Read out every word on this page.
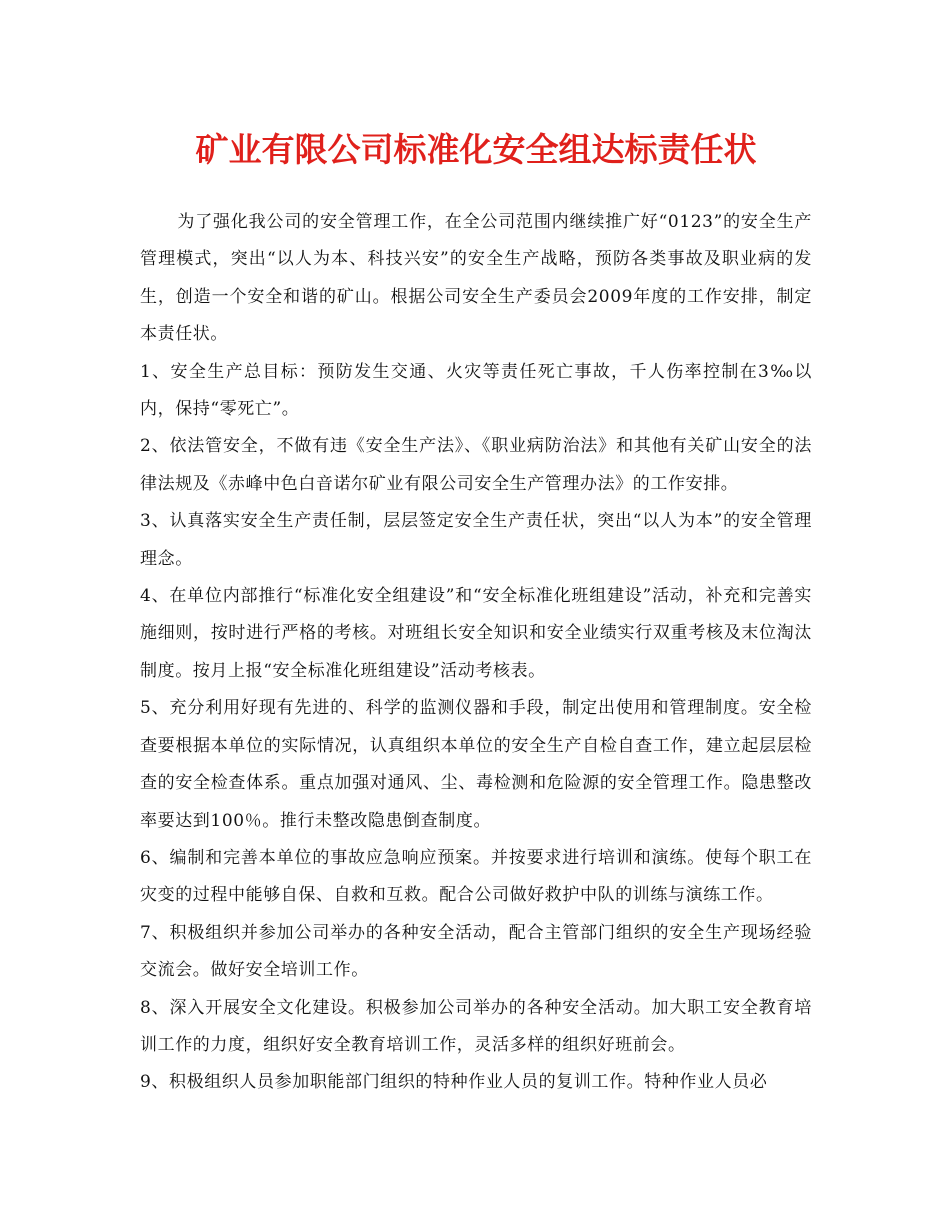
矿业有限公司标准化安全组达标责任状

为了强化我公司的安全管理工作，在全公司范围内继续推广好“0123”的安全生产管理模式，突出“以人为本、科技兴安”的安全生产战略，预防各类事故及职业病的发生，创造一个安全和谐的矿山。根据公司安全生产委员会2009年度的工作安排，制定本责任状。

1、安全生产总目标：预防发生交通、火灾等责任死亡事故，千人伤率控制在3‰以内，保持“零死亡”。

2、依法管安全，不做有违《安全生产法》、《职业病防治法》和其他有关矿山安全的法律法规及《赤峰中色白音诺尔矿业有限公司安全生产管理办法》的工作安排。

3、认真落实安全生产责任制，层层签定安全生产责任状，突出“以人为本”的安全管理理念。

4、在单位内部推行“标准化安全组建设”和“安全标准化班组建设”活动，补充和完善实施细则，按时进行严格的考核。对班组长安全知识和安全业绩实行双重考核及末位淘汰制度。按月上报“安全标准化班组建设”活动考核表。

5、充分利用好现有先进的、科学的监测仪器和手段，制定出使用和管理制度。安全检查要根据本单位的实际情况，认真组织本单位的安全生产自检自查工作，建立起层层检查的安全检查体系。重点加强对通风、尘、毒检测和危险源的安全管理工作。隐患整改率要达到100％。推行未整改隐患倒查制度。

6、编制和完善本单位的事故应急响应预案。并按要求进行培训和演练。使每个职工在灾变的过程中能够自保、自救和互救。配合公司做好救护中队的训练与演练工作。

7、积极组织并参加公司举办的各种安全活动，配合主管部门组织的安全生产现场经验交流会。做好安全培训工作。

8、深入开展安全文化建设。积极参加公司举办的各种安全活动。加大职工安全教育培训工作的力度，组织好安全教育培训工作，灵活多样的组织好班前会。

9、积极组织人员参加职能部门组织的特种作业人员的复训工作。特种作业人员必
